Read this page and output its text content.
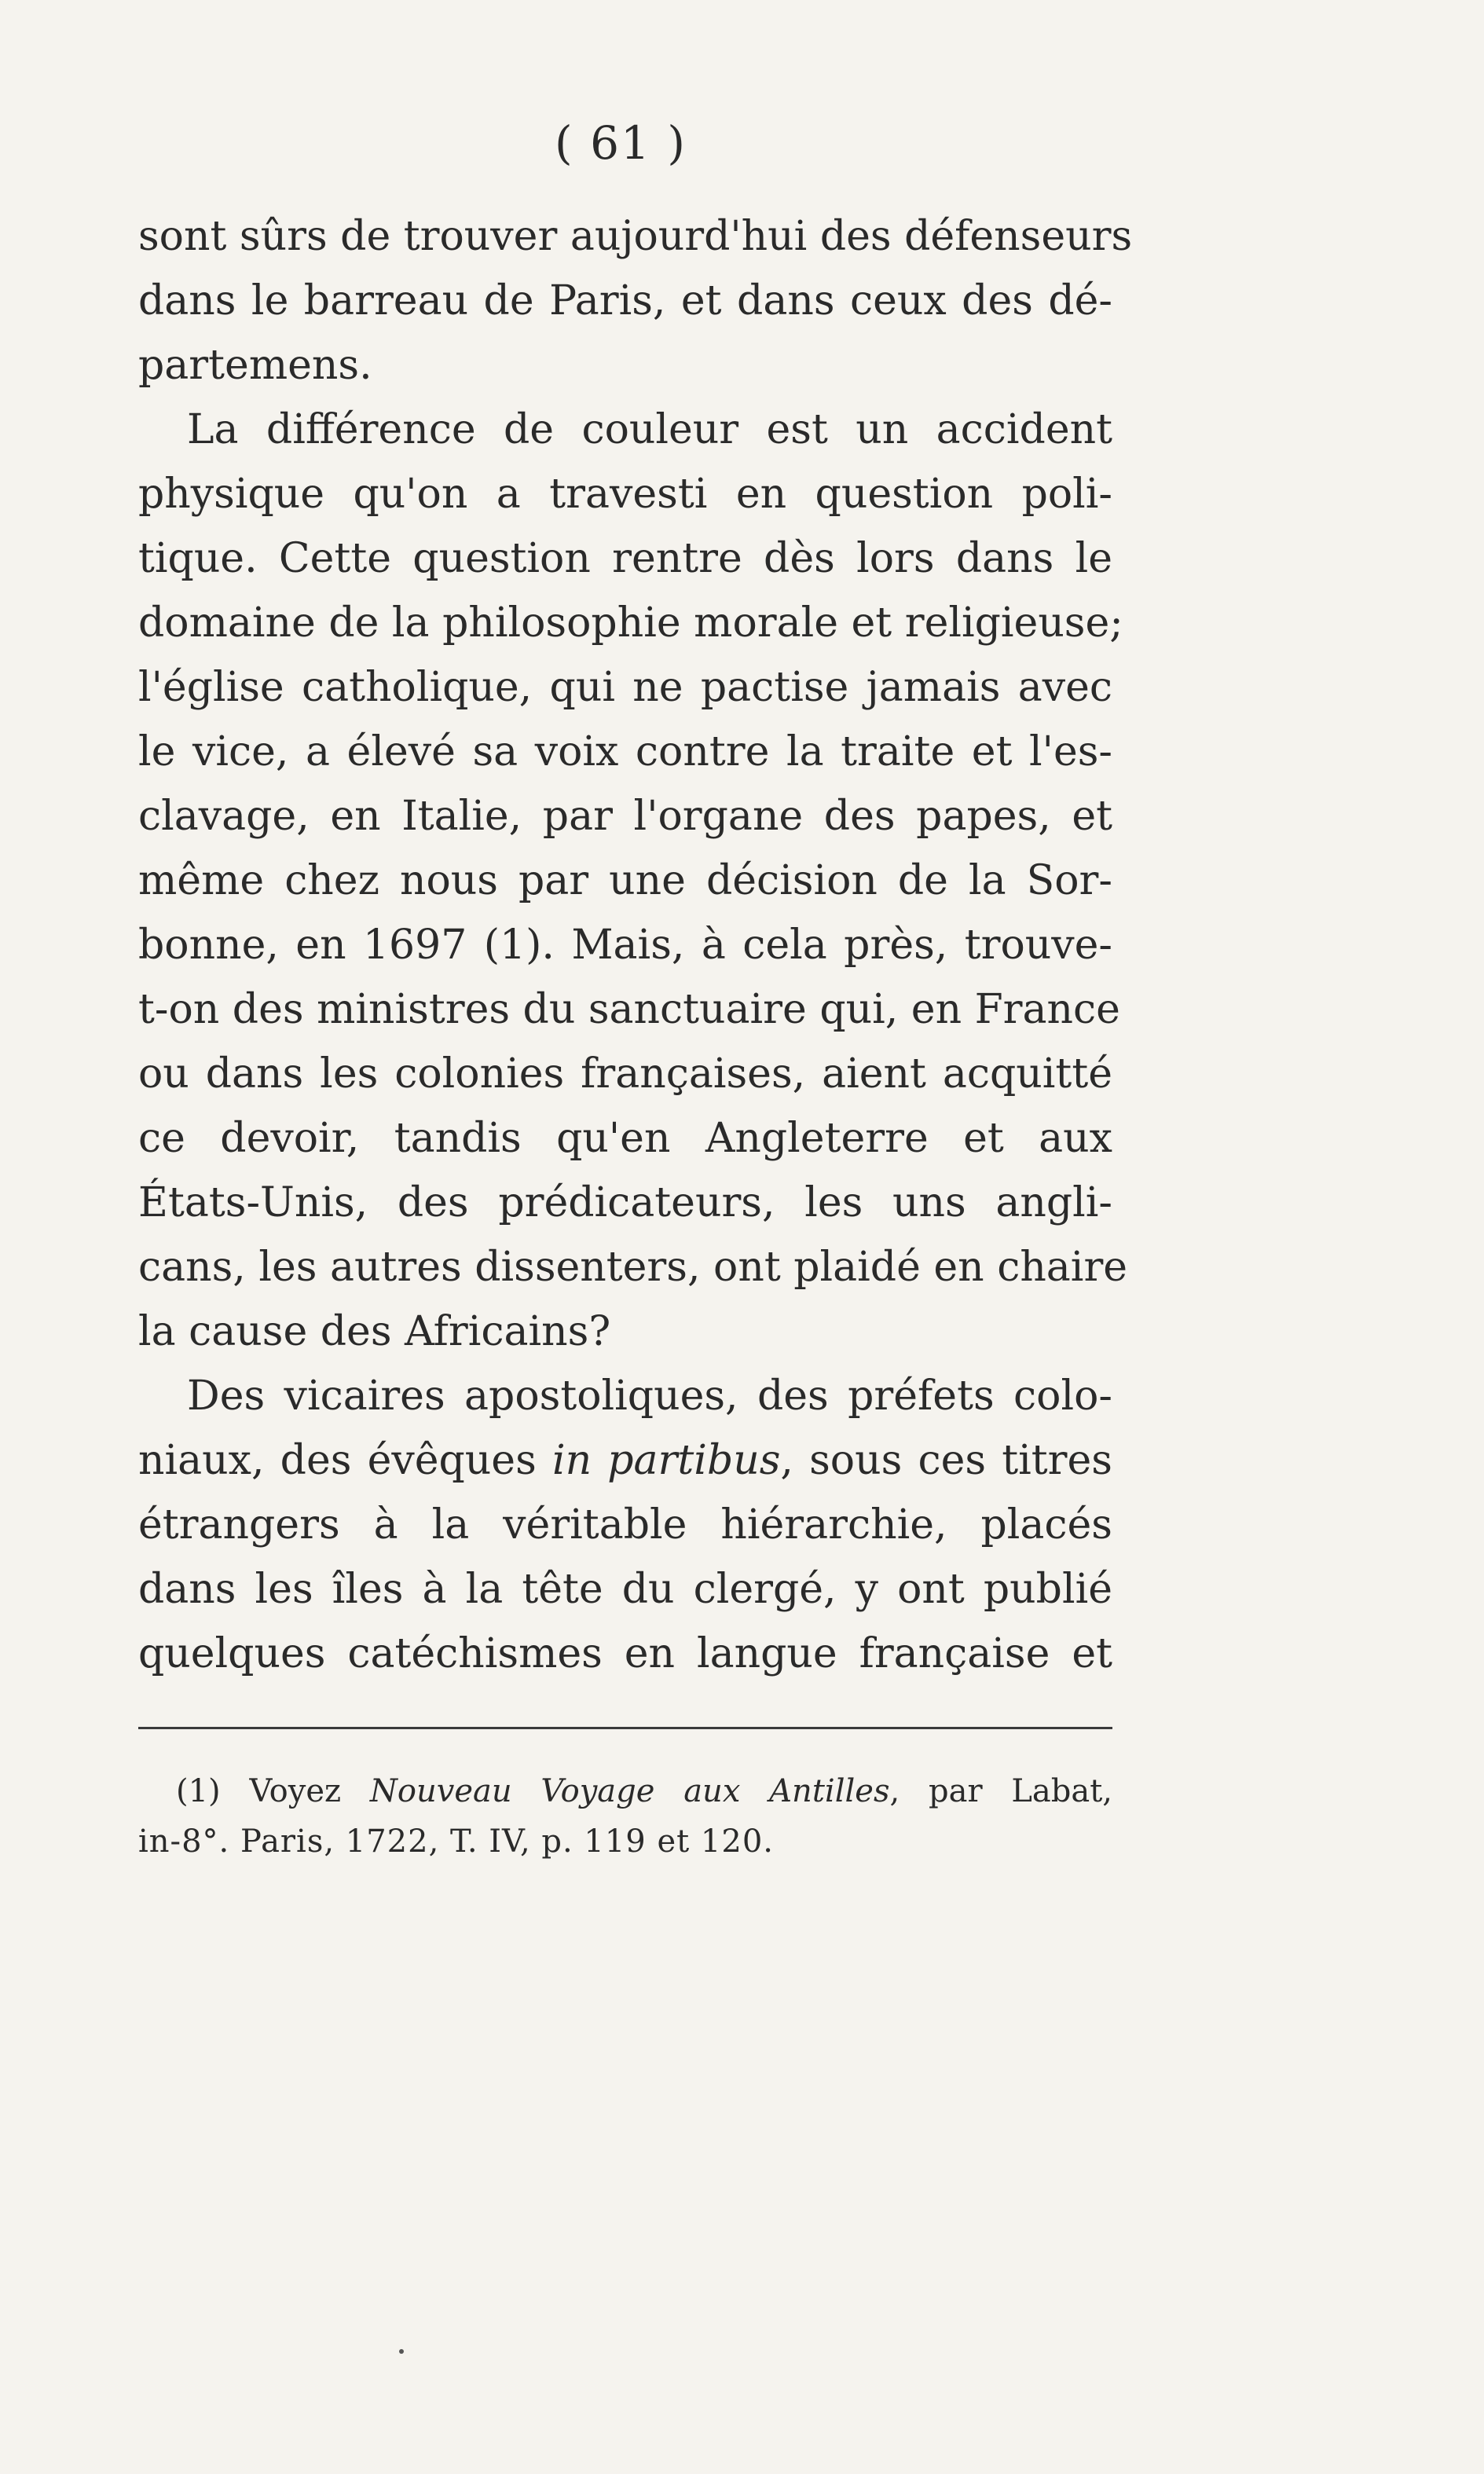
( 61 )
sont sûrs de trouver aujourd'hui des défenseurs
dans le barreau de Paris, et dans ceux des dé-
partemens.
La différence de couleur est un accident
physique qu'on a travesti en question poli-
tique. Cette question rentre dès lors dans le
domaine de la philosophie morale et religieuse;
l'église catholique, qui ne pactise jamais avec
le vice, a élevé sa voix contre la traite et l'es-
clavage, en Italie, par l'organe des papes, et
même chez nous par une décision de la Sor-
bonne, en 1697 (1). Mais, à cela près, trouve-
t-on des ministres du sanctuaire qui, en France
ou dans les colonies françaises, aient acquitté
ce devoir, tandis qu'en Angleterre et aux
États-Unis, des prédicateurs, les uns angli-
cans, les autres dissenters, ont plaidé en chaire
la cause des Africains?
Des vicaires apostoliques, des préfets colo-
niaux, des évêques in partibus, sous ces titres
étrangers à la véritable hiérarchie, placés
dans les îles à la tête du clergé, y ont publié
quelques catéchismes en langue française et
(1) Voyez Nouveau Voyage aux Antilles, par Labat,
in-8°. Paris, 1722, T. IV, p. 119 et 120.
